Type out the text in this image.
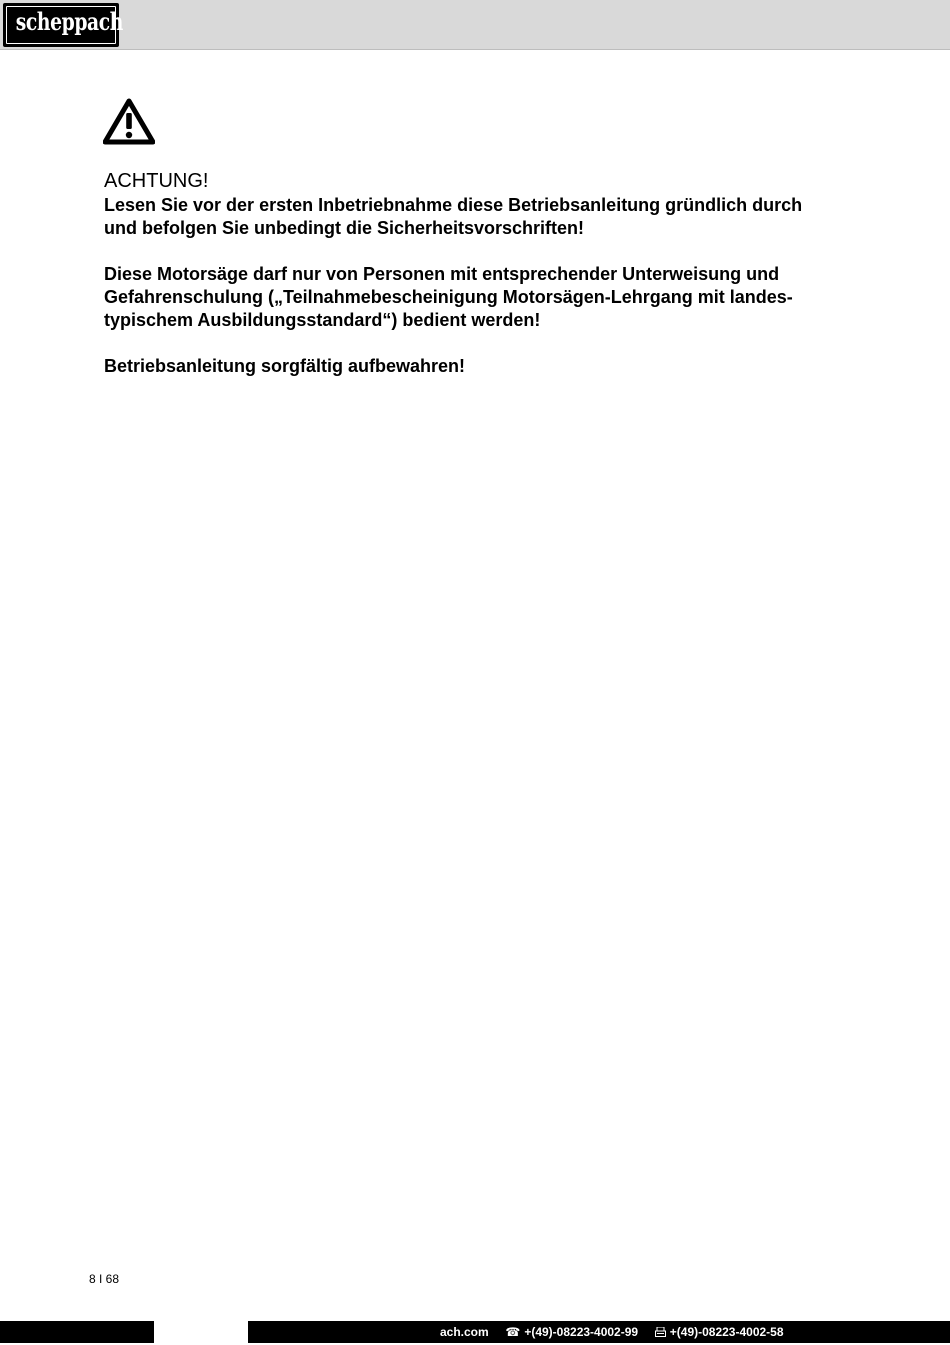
scheppach
ACHTUNG!

Lesen Sie vor der ersten Inbetriebnahme diese Betriebsanleitung gründlich durch
und befolgen Sie unbedingt die Sicherheitsvorschriften!

Diese Motorsäge darf nur von Personen mit entsprechender Unterweisung und
Gefahrenschulung („Teilnahmebescheinigung Motorsägen-Lehrgang mit landes-
typischem Ausbildungsstandard“) bedient werden!

Betriebsanleitung sorgfältig aufbewahren!

8 I 68
ach.com ☎ +(49)-08223-4002-99	+(49)-08223-4002-58
